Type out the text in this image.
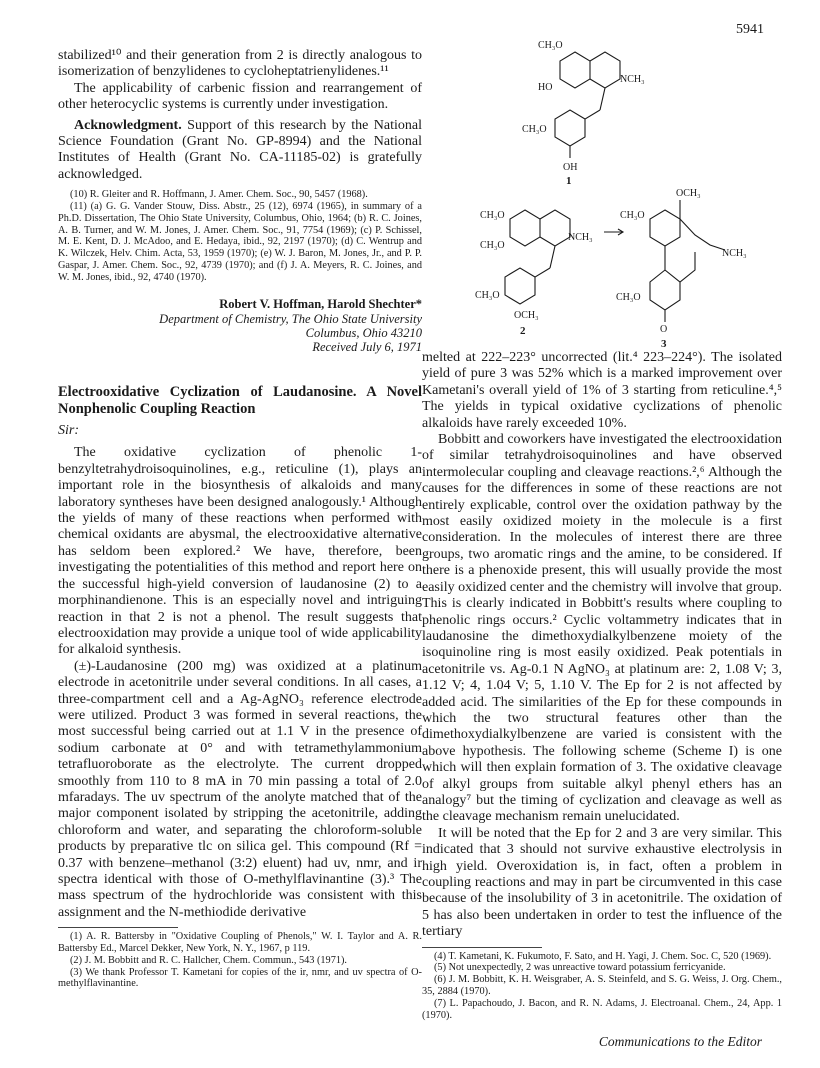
5941

stabilized¹⁰ and their generation from 2 is directly analogous to isomerization of benzylidenes to cycloheptatrienylidenes.¹¹

The applicability of carbenic fission and rearrangement of other heterocyclic systems is currently under investigation.

Acknowledgment. Support of this research by the National Science Foundation (Grant No. GP-8994) and the National Institutes of Health (Grant No. CA-11185-02) is gratefully acknowledged.

(10) R. Gleiter and R. Hoffmann, J. Amer. Chem. Soc., 90, 5457 (1968).
(11) (a) G. G. Vander Stouw, Diss. Abstr., 25 (12), 6974 (1965), in summary of a Ph.D. Dissertation, The Ohio State University, Columbus, Ohio, 1964; (b) R. C. Joines, A. B. Turner, and W. M. Jones, J. Amer. Chem. Soc., 91, 7754 (1969); (c) P. Schissel, M. E. Kent, D. J. McAdoo, and E. Hedaya, ibid., 92, 2197 (1970); (d) C. Wentrup and K. Wilczek, Helv. Chim. Acta, 53, 1959 (1970); (e) W. J. Baron, M. Jones, Jr., and P. P. Gaspar, J. Amer. Chem. Soc., 92, 4739 (1970); and (f) J. A. Meyers, R. C. Joines, and W. M. Jones, ibid., 92, 4740 (1970).
Robert V. Hoffman, Harold Shechter*
Department of Chemistry, The Ohio State University
Columbus, Ohio 43210
Received July 6, 1971
Electrooxidative Cyclization of Laudanosine. A Novel Nonphenolic Coupling Reaction
Sir:

The oxidative cyclization of phenolic 1-benzyltetrahydroisoquinolines, e.g., reticuline (1), plays an important role in the biosynthesis of alkaloids and many laboratory syntheses have been designed analogously.¹ Although the yields of many of these reactions when performed with chemical oxidants are abysmal, the electrooxidative alternative has seldom been explored.² We have, therefore, been investigating the potentialities of this method and report here on the successful high-yield conversion of laudanosine (2) to a morphinandienone. This is an especially novel and intriguing reaction in that 2 is not a phenol. The result suggests that electrooxidation may provide a unique tool of wide applicability for alkaloid synthesis.

(±)-Laudanosine (200 mg) was oxidized at a platinum electrode in acetonitrile under several conditions. In all cases, a three-compartment cell and a Ag-AgNO₃ reference electrode were utilized. Product 3 was formed in several reactions, the most successful being carried out at 1.1 V in the presence of sodium carbonate at 0° and with tetramethylammonium tetrafluoroborate as the electrolyte. The current dropped smoothly from 110 to 8 mA in 70 min passing a total of 2.0 mfaradays. The uv spectrum of the anolyte matched that of the major component isolated by stripping the acetonitrile, adding chloroform and water, and separating the chloroform-soluble products by preparative tlc on silica gel. This compound (Rf = 0.37 with benzene–methanol (3:2) eluent) had uv, nmr, and ir spectra identical with those of O-methylflavinantine (3).³ The mass spectrum of the hydrochloride was consistent with this assignment and the N-methiodide derivative

(1) A. R. Battersby in "Oxidative Coupling of Phenols," W. I. Taylor and A. R. Battersby Ed., Marcel Dekker, New York, N. Y., 1967, p 119.
(2) J. M. Bobbitt and R. C. Hallcher, Chem. Commun., 543 (1971).
(3) We thank Professor T. Kametani for copies of the ir, nmr, and uv spectra of O-methylflavinantine.
CH₃O
HO
NCH₃
CH₃O
OH
1
CH₃O
CH₃O
NCH₃
CH₃O
OCH₃
2
CH₃O
OCH₃
NCH₃
CH₃O
O
3

melted at 222–223° uncorrected (lit.⁴ 223–224°). The isolated yield of pure 3 was 52% which is a marked improvement over Kametani's overall yield of 1% of 3 starting from reticuline.⁴,⁵ The yields in typical oxidative cyclizations of phenolic alkaloids have rarely exceeded 10%.

Bobbitt and coworkers have investigated the electrooxidation of similar tetrahydroisoquinolines and have observed intermolecular coupling and cleavage reactions.²,⁶ Although the causes for the differences in some of these reactions are not entirely explicable, control over the oxidation pathway by the most easily oxidized moiety in the molecule is a first consideration. In the molecules of interest there are three groups, two aromatic rings and the amine, to be considered. If there is a phenoxide present, this will usually provide the most easily oxidized center and the chemistry will involve that group. This is clearly indicated in Bobbitt's results where coupling to phenolic rings occurs.² Cyclic voltammetry indicates that in laudanosine the dimethoxydialkylbenzene moiety of the isoquinoline ring is most easily oxidized. Peak potentials in acetonitrile vs. Ag-0.1 N AgNO₃ at platinum are: 2, 1.08 V; 3, 1.12 V; 4, 1.04 V; 5, 1.10 V. The Ep for 2 is not affected by added acid. The similarities of the Ep for these compounds in which the two structural features other than the dimethoxydialkylbenzene are varied is consistent with the above hypothesis. The following scheme (Scheme I) is one which will then explain formation of 3. The oxidative cleavage of alkyl groups from suitable alkyl phenyl ethers has an analogy⁷ but the timing of cyclization and cleavage as well as the cleavage mechanism remain unelucidated.

It will be noted that the Ep for 2 and 3 are very similar. This indicated that 3 should not survive exhaustive electrolysis in high yield. Overoxidation is, in fact, often a problem in coupling reactions and may in part be circumvented in this case because of the insolubility of 3 in acetonitrile. The oxidation of 5 has also been undertaken in order to test the influence of the tertiary

(4) T. Kametani, K. Fukumoto, F. Sato, and H. Yagi, J. Chem. Soc. C, 520 (1969).
(5) Not unexpectedly, 2 was unreactive toward potassium ferricyanide.
(6) J. M. Bobbitt, K. H. Weisgraber, A. S. Steinfeld, and S. G. Weiss, J. Org. Chem., 35, 2884 (1970).
(7) L. Papachoudo, J. Bacon, and R. N. Adams, J. Electroanal. Chem., 24, App. 1 (1970).
Communications to the Editor
